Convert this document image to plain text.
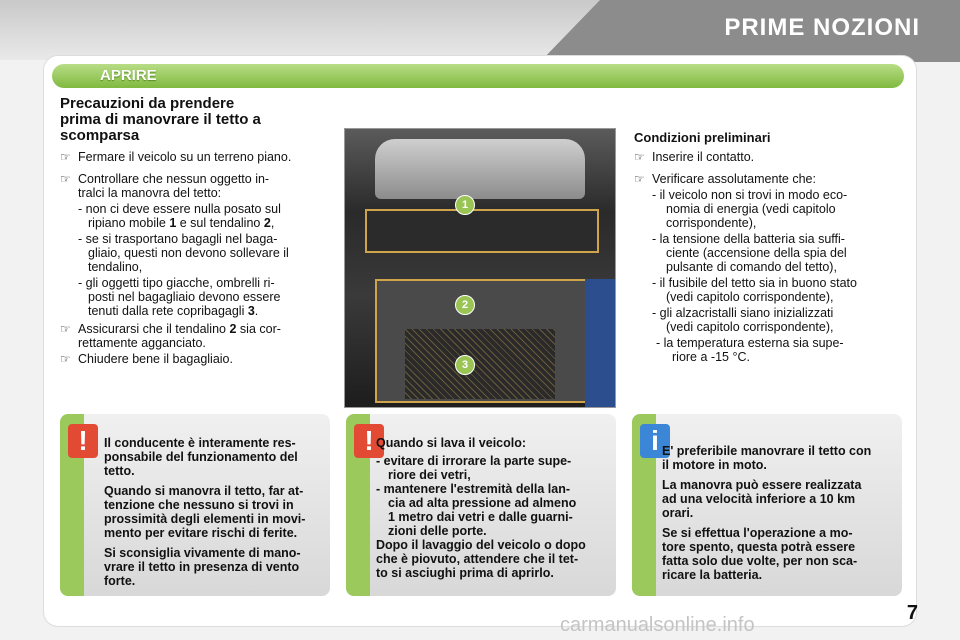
PRIME NOZIONI
APRIRE
Precauzioni da prendere
prima di manovrare il tetto a
scomparsa
☞ Fermare il veicolo su un terreno piano.
☞ Controllare che nessun oggetto in-
tralci la manovra del tetto:
- non ci deve essere nulla posato sul
ripiano mobile 1 e sul tendalino 2,
- se si trasportano bagagli nel baga-
gliaio, questi non devono sollevare il
tendalino,
- gli oggetti tipo giacche, ombrelli ri-
posti nel bagagliaio devono essere
tenuti dalla rete copribagagli 3.
☞ Assicurarsi che il tendalino 2 sia cor-
rettamente agganciato.
☞ Chiudere bene il bagagliaio.
1
2
3
Condizioni preliminari
☞ Inserire il contatto.
☞ Verificare assolutamente che:
- il veicolo non si trovi in modo eco-
nomia di energia (vedi capitolo
corrispondente),
- la tensione della batteria sia suffi-
ciente (accensione della spia del
pulsante di comando del tetto),
- il fusibile del tetto sia in buono stato
(vedi capitolo corrispondente),
- gli alzacristalli siano inizializzati
(vedi capitolo corrispondente),
- la temperatura esterna sia supe-
riore a -15 °C.
!	Il conducente è interamente res-
ponsabile del funzionamento del
tetto.
Quando si manovra il tetto, far at-
tenzione che nessuno si trovi in
prossimità degli elementi in movi-
mento per evitare rischi di ferite.
Si sconsiglia vivamente di mano-
vrare il tetto in presenza di vento
forte.
! Quando si lava il veicolo:
- evitare di irrorare la parte supe-
riore dei vetri,
- mantenere l'estremità della lan-
cia ad alta pressione ad almeno
1 metro dai vetri e dalle guarni-
zioni delle porte.
Dopo il lavaggio del veicolo o dopo
che è piovuto, attendere che il tet-
to si asciughi prima di aprirlo.
i E' preferibile manovrare il tetto con
il motore in moto.
La manovra può essere realizzata
ad una velocità inferiore a 10 km
orari.
Se si effettua l'operazione a mo-
tore spento, questa potrà essere
fatta solo due volte, per non sca-
ricare la batteria.
7
carmanualsonline.info
